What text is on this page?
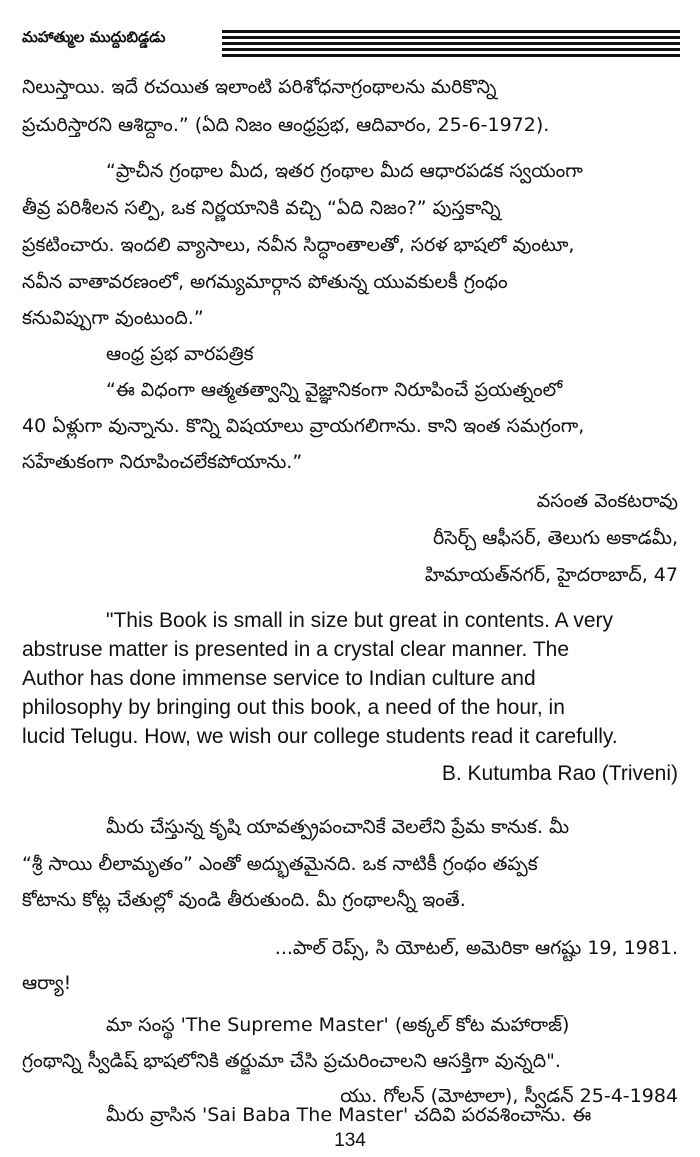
మహాత్ముల ముద్దుబిడ్డడు
నిలుస్తాయి. ఇదే రచయిత ఇలాంటి పరిశోధనాగ్రంథాలను మరికొన్ని
ప్రచురిస్తారని ఆశిద్దాం.” (ఏది నిజం ఆంధ్రప్రభ, ఆదివారం, 25-6-1972).
“ప్రాచీన గ్రంథాల మీద, ఇతర గ్రంథాల మీద ఆధారపడక స్వయంగా
తీవ్ర పరిశీలన సల్పి, ఒక నిర్ణయానికి వచ్చి “ఏది నిజం?” పుస్తకాన్ని
ప్రకటించారు. ఇందలి వ్యాసాలు, నవీన సిద్ధాంతాలతో, సరళ భాషలో వుంటూ,
నవీన వాతావరణంలో, అగమ్యమార్గాన పోతున్న యువకులకీ గ్రంథం
కనువిప్పుగా వుంటుంది.”
ఆంధ్ర ప్రభ వారపత్రిక
“ఈ విధంగా ఆత్మతత్వాన్ని వైజ్ఞానికంగా నిరూపించే ప్రయత్నంలో
40 ఏళ్లుగా వున్నాను. కొన్ని విషయాలు వ్రాయగలిగాను. కాని ఇంత సమగ్రంగా,
సహేతుకంగా నిరూపించలేకపోయాను.”
వసంత వెంకటరావు
రీసెర్చ్ ఆఫీసర్, తెలుగు అకాడమీ,
హిమాయత్‌నగర్, హైదరాబాద్, 47
"This Book is small in size but great in contents. A very
abstruse matter is presented in a crystal clear manner. The
Author has done immense service to Indian culture and
philosophy by bringing out this book, a need of the hour, in
lucid Telugu. How, we wish our college students read it carefully.
B. Kutumba Rao (Triveni)
మీరు చేస్తున్న కృషి యావత్ప్రపంచానికే వెలలేని ప్రేమ కానుక. మీ
“శ్రీ సాయి లీలామృతం” ఎంతో అద్భుతమైనది. ఒక నాటికీ గ్రంథం తప్పక
కోటాను కోట్ల చేతుల్లో వుండి తీరుతుంది. మీ గ్రంథాలన్నీ ఇంతే.
...పాల్ రెప్స్, సి యోటల్, అమెరికా ఆగష్టు 19, 1981.
ఆర్యా!
మా సంస్థ 'The Supreme Master' (అక్కల్ కోట మహారాజ్)
గ్రంథాన్ని స్వీడిష్ భాషలోనికి తర్జుమా చేసి ప్రచురించాలని ఆసక్తిగా వున్నది".
యు. గోలన్ (మోటాలా), స్వీడన్ 25-4-1984
మీరు వ్రాసిన 'Sai Baba The Master' చదివి పరవశించాను. ఈ
134
